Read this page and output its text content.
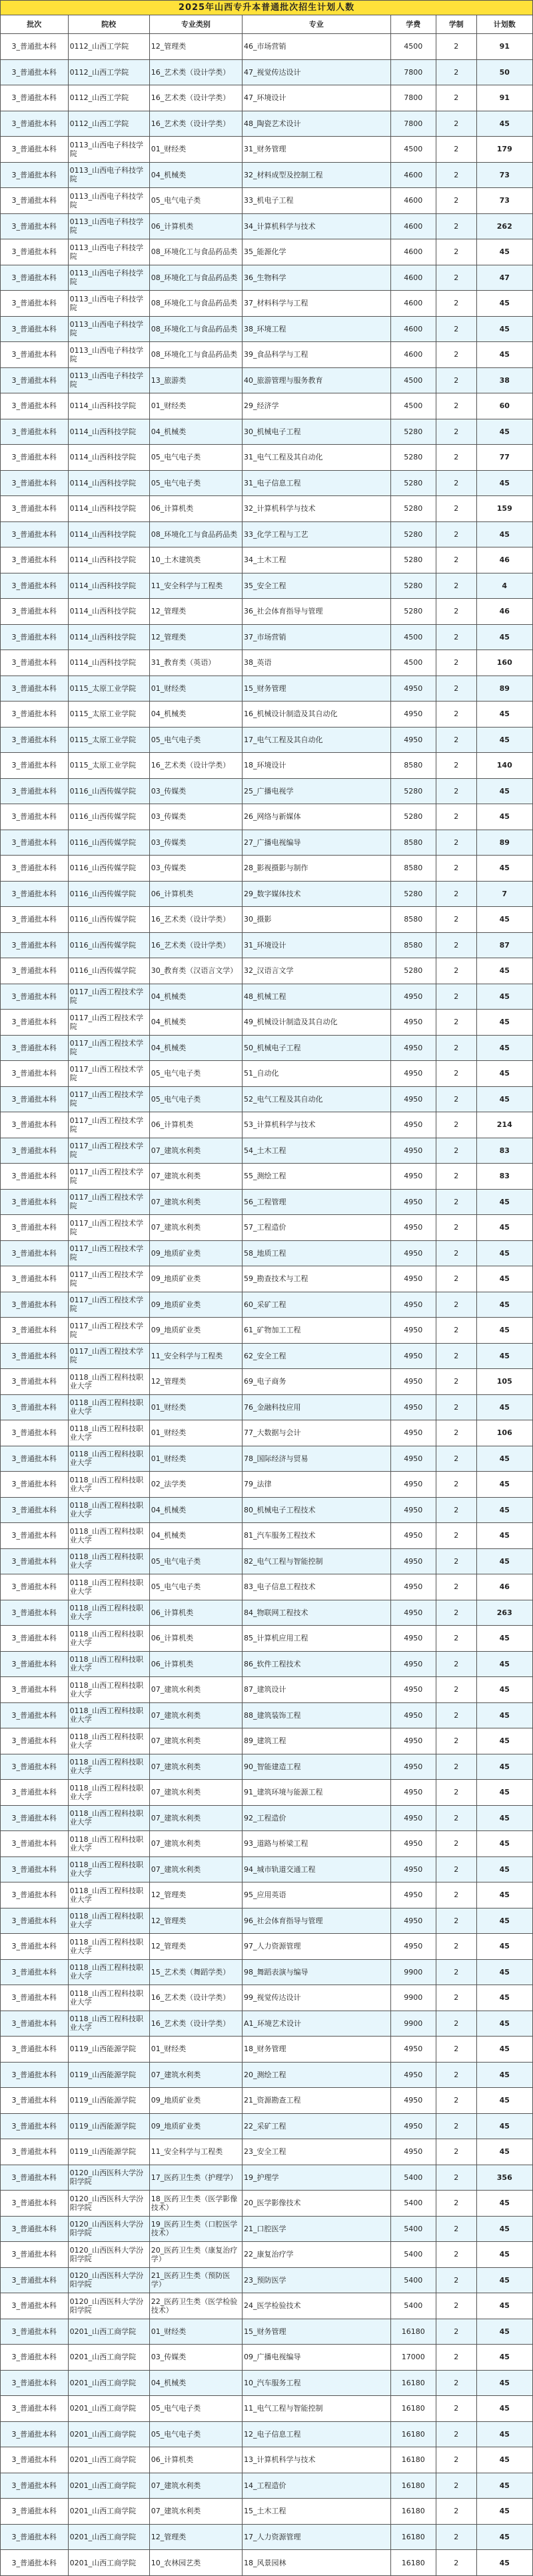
2025年山西专升本普通批次招生计划人数
批次	院校	专业类别	专业	学费	学制	计划数
3_普通批本科	0112_山西工学院	12_管理类	46_市场营销	4500	2	91
3_普通批本科	0112_山西工学院	16_艺术类（设计学类）	47_视觉传达设计	7800	2	50
3_普通批本科	0112_山西工学院	16_艺术类（设计学类）	47_环境设计	7800	2	91
3_普通批本科	0112_山西工学院	16_艺术类（设计学类）	48_陶瓷艺术设计	7800	2	45
3_普通批本科	0113_山西电子科技学院	01_财经类	31_财务管理	4500	2	179
3_普通批本科	0113_山西电子科技学院	04_机械类	32_材料成型及控制工程	4600	2	73
3_普通批本科	0113_山西电子科技学院	05_电气电子类	33_机电子工程	4600	2	73
3_普通批本科	0113_山西电子科技学院	06_计算机类	34_计算机科学与技术	4600	2	262
3_普通批本科	0113_山西电子科技学院	08_环境化工与食品药品类	35_能源化学	4600	2	45
3_普通批本科	0113_山西电子科技学院	08_环境化工与食品药品类	36_生物科学	4600	2	47
3_普通批本科	0113_山西电子科技学院	08_环境化工与食品药品类	37_材料科学与工程	4600	2	45
3_普通批本科	0113_山西电子科技学院	08_环境化工与食品药品类	38_环境工程	4600	2	45
3_普通批本科	0113_山西电子科技学院	08_环境化工与食品药品类	39_食品科学与工程	4600	2	45
3_普通批本科	0113_山西电子科技学院	13_旅游类	40_旅游管理与服务教育	4500	2	38
3_普通批本科	0114_山西科技学院	01_财经类	29_经济学	4500	2	60
3_普通批本科	0114_山西科技学院	04_机械类	30_机械电子工程	5280	2	45
3_普通批本科	0114_山西科技学院	05_电气电子类	31_电气工程及其自动化	5280	2	77
3_普通批本科	0114_山西科技学院	05_电气电子类	31_电子信息工程	5280	2	45
3_普通批本科	0114_山西科技学院	06_计算机类	32_计算机科学与技术	5280	2	159
3_普通批本科	0114_山西科技学院	08_环境化工与食品药品类	33_化学工程与工艺	5280	2	45
3_普通批本科	0114_山西科技学院	10_土木建筑类	34_土木工程	5280	2	46
3_普通批本科	0114_山西科技学院	11_安全科学与工程类	35_安全工程	5280	2	4
3_普通批本科	0114_山西科技学院	12_管理类	36_社会体育指导与管理	5280	2	46
3_普通批本科	0114_山西科技学院	12_管理类	37_市场营销	4500	2	45
3_普通批本科	0114_山西科技学院	31_教育类（英语）	38_英语	4500	2	160
3_普通批本科	0115_太原工业学院	01_财经类	15_财务管理	4950	2	89
3_普通批本科	0115_太原工业学院	04_机械类	16_机械设计制造及其自动化	4950	2	45
3_普通批本科	0115_太原工业学院	05_电气电子类	17_电气工程及其自动化	4950	2	45
3_普通批本科	0115_太原工业学院	16_艺术类（设计学类）	18_环境设计	8580	2	140
3_普通批本科	0116_山西传媒学院	03_传媒类	25_广播电视学	5280	2	45
3_普通批本科	0116_山西传媒学院	03_传媒类	26_网络与新媒体	5280	2	45
3_普通批本科	0116_山西传媒学院	03_传媒类	27_广播电视编导	8580	2	89
3_普通批本科	0116_山西传媒学院	03_传媒类	28_影视摄影与制作	8580	2	45
3_普通批本科	0116_山西传媒学院	06_计算机类	29_数字媒体技术	5280	2	7
3_普通批本科	0116_山西传媒学院	16_艺术类（设计学类）	30_摄影	8580	2	45
3_普通批本科	0116_山西传媒学院	16_艺术类（设计学类）	31_环境设计	8580	2	87
3_普通批本科	0116_山西传媒学院	30_教育类（汉语言文学）	32_汉语言文学	5280	2	45
3_普通批本科	0117_山西工程技术学院	04_机械类	48_机械工程	4950	2	45
3_普通批本科	0117_山西工程技术学院	04_机械类	49_机械设计制造及其自动化	4950	2	45
3_普通批本科	0117_山西工程技术学院	04_机械类	50_机械电子工程	4950	2	45
3_普通批本科	0117_山西工程技术学院	05_电气电子类	51_自动化	4950	2	45
3_普通批本科	0117_山西工程技术学院	05_电气电子类	52_电气工程及其自动化	4950	2	45
3_普通批本科	0117_山西工程技术学院	06_计算机类	53_计算机科学与技术	4950	2	214
3_普通批本科	0117_山西工程技术学院	07_建筑水利类	54_土木工程	4950	2	83
3_普通批本科	0117_山西工程技术学院	07_建筑水利类	55_测绘工程	4950	2	83
3_普通批本科	0117_山西工程技术学院	07_建筑水利类	56_工程管理	4950	2	45
3_普通批本科	0117_山西工程技术学院	07_建筑水利类	57_工程造价	4950	2	45
3_普通批本科	0117_山西工程技术学院	09_地质矿业类	58_地质工程	4950	2	45
3_普通批本科	0117_山西工程技术学院	09_地质矿业类	59_勘查技术与工程	4950	2	45
3_普通批本科	0117_山西工程技术学院	09_地质矿业类	60_采矿工程	4950	2	45
3_普通批本科	0117_山西工程技术学院	09_地质矿业类	61_矿物加工工程	4950	2	45
3_普通批本科	0117_山西工程技术学院	11_安全科学与工程类	62_安全工程	4950	2	45
3_普通批本科	0118_山西工程科技职业大学	12_管理类	69_电子商务	4950	2	105
3_普通批本科	0118_山西工程科技职业大学	01_财经类	76_金融科技应用	4950	2	45
3_普通批本科	0118_山西工程科技职业大学	01_财经类	77_大数据与会计	4950	2	106
3_普通批本科	0118_山西工程科技职业大学	01_财经类	78_国际经济与贸易	4950	2	45
3_普通批本科	0118_山西工程科技职业大学	02_法学类	79_法律	4950	2	45
3_普通批本科	0118_山西工程科技职业大学	04_机械类	80_机械电子工程技术	4950	2	45
3_普通批本科	0118_山西工程科技职业大学	04_机械类	81_汽车服务工程技术	4950	2	45
3_普通批本科	0118_山西工程科技职业大学	05_电气电子类	82_电气工程与智能控制	4950	2	45
3_普通批本科	0118_山西工程科技职业大学	05_电气电子类	83_电子信息工程技术	4950	2	46
3_普通批本科	0118_山西工程科技职业大学	06_计算机类	84_物联网工程技术	4950	2	263
3_普通批本科	0118_山西工程科技职业大学	06_计算机类	85_计算机应用工程	4950	2	45
3_普通批本科	0118_山西工程科技职业大学	06_计算机类	86_软件工程技术	4950	2	45
3_普通批本科	0118_山西工程科技职业大学	07_建筑水利类	87_建筑设计	4950	2	45
3_普通批本科	0118_山西工程科技职业大学	07_建筑水利类	88_建筑装饰工程	4950	2	45
3_普通批本科	0118_山西工程科技职业大学	07_建筑水利类	89_建筑工程	4950	2	45
3_普通批本科	0118_山西工程科技职业大学	07_建筑水利类	90_智能建造工程	4950	2	45
3_普通批本科	0118_山西工程科技职业大学	07_建筑水利类	91_建筑环境与能源工程	4950	2	45
3_普通批本科	0118_山西工程科技职业大学	07_建筑水利类	92_工程造价	4950	2	45
3_普通批本科	0118_山西工程科技职业大学	07_建筑水利类	93_道路与桥梁工程	4950	2	45
3_普通批本科	0118_山西工程科技职业大学	07_建筑水利类	94_城市轨道交通工程	4950	2	45
3_普通批本科	0118_山西工程科技职业大学	12_管理类	95_应用英语	4950	2	45
3_普通批本科	0118_山西工程科技职业大学	12_管理类	96_社会体育指导与管理	4950	2	45
3_普通批本科	0118_山西工程科技职业大学	12_管理类	97_人力资源管理	4950	2	45
3_普通批本科	0118_山西工程科技职业大学	15_艺术类（舞蹈学类）	98_舞蹈表演与编导	9900	2	45
3_普通批本科	0118_山西工程科技职业大学	16_艺术类（设计学类）	99_视觉传达设计	9900	2	45
3_普通批本科	0118_山西工程科技职业大学	16_艺术类（设计学类）	A1_环境艺术设计	9900	2	45
3_普通批本科	0119_山西能源学院	01_财经类	18_财务管理	4950	2	45
3_普通批本科	0119_山西能源学院	07_建筑水利类	20_测绘工程	4950	2	45
3_普通批本科	0119_山西能源学院	09_地质矿业类	21_资源勘查工程	4950	2	45
3_普通批本科	0119_山西能源学院	09_地质矿业类	22_采矿工程	4950	2	45
3_普通批本科	0119_山西能源学院	11_安全科学与工程类	23_安全工程	4950	2	45
3_普通批本科	0120_山西医科大学汾阳学院	17_医药卫生类（护理学）	19_护理学	5400	2	356
3_普通批本科	0120_山西医科大学汾阳学院	18_医药卫生类（医学影像技术）	20_医学影像技术	5400	2	45
3_普通批本科	0120_山西医科大学汾阳学院	19_医药卫生类（口腔医学技术）	21_口腔医学	5400	2	45
3_普通批本科	0120_山西医科大学汾阳学院	20_医药卫生类（康复治疗学）	22_康复治疗学	5400	2	45
3_普通批本科	0120_山西医科大学汾阳学院	21_医药卫生类（预防医学）	23_预防医学	5400	2	45
3_普通批本科	0120_山西医科大学汾阳学院	22_医药卫生类（医学检验技术）	24_医学检验技术	5400	2	45
3_普通批本科	0201_山西工商学院	01_财经类	15_财务管理	16180	2	45
3_普通批本科	0201_山西工商学院	03_传媒类	09_广播电视编导	17000	2	45
3_普通批本科	0201_山西工商学院	04_机械类	10_汽车服务工程	16180	2	45
3_普通批本科	0201_山西工商学院	05_电气电子类	11_电气工程与智能控制	16180	2	45
3_普通批本科	0201_山西工商学院	05_电气电子类	12_电子信息工程	16180	2	45
3_普通批本科	0201_山西工商学院	06_计算机类	13_计算机科学与技术	16180	2	45
3_普通批本科	0201_山西工商学院	07_建筑水利类	14_工程造价	16180	2	45
3_普通批本科	0201_山西工商学院	07_建筑水利类	15_土木工程	16180	2	45
3_普通批本科	0201_山西工商学院	12_管理类	17_人力资源管理	16180	2	45
3_普通批本科	0201_山西工商学院	10_农林园艺类	18_风景园林	16180	2	45
